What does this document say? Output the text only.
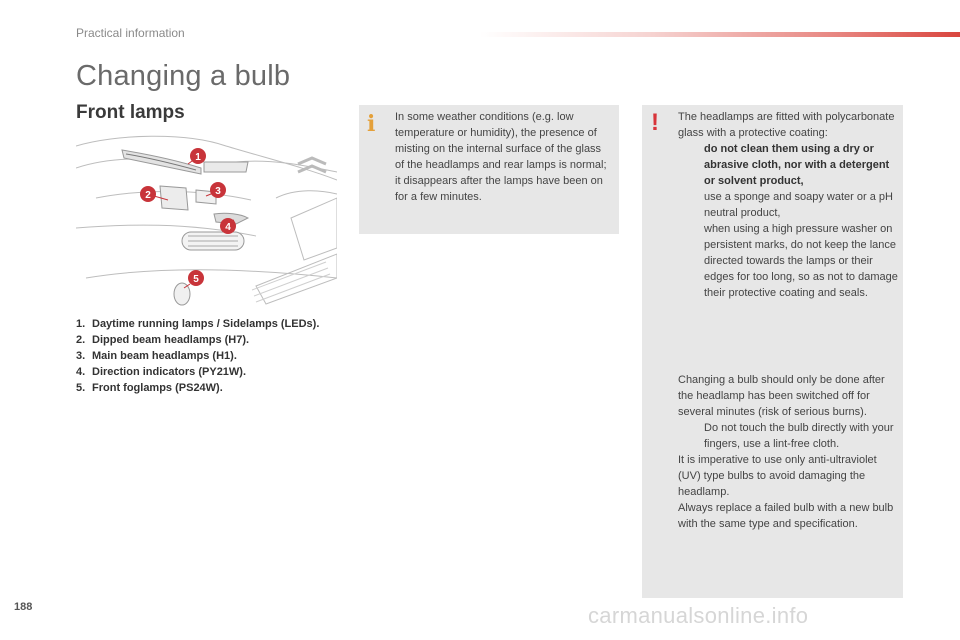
Practical information
Changing a bulb
Front lamps
1
2	3
4
5
1. Daytime running lamps / Sidelamps (LEDs).
2. Dipped beam headlamps (H7).
3. Main beam headlamps (H1).
4. Direction indicators (PY21W).
5. Front foglamps (PS24W).
i In some weather conditions (e.g. low temperature or humidity), the presence of misting on the internal surface of the glass of the headlamps and rear lamps is normal; it disappears after the lamps have been on for a few minutes.
! The headlamps are fitted with polycarbonate glass with a protective coating:
do not clean them using a dry or abrasive cloth, nor with a detergent or solvent product,
use a sponge and soapy water or a pH neutral product,
when using a high pressure washer on persistent marks, do not keep the lance directed towards the lamps or their edges for too long, so as not to damage their protective coating and seals.
Changing a bulb should only be done after the headlamp has been switched off for several minutes (risk of serious burns).
Do not touch the bulb directly with your fingers, use a lint-free cloth.
It is imperative to use only anti-ultraviolet (UV) type bulbs to avoid damaging the headlamp.
Always replace a failed bulb with a new bulb with the same type and specification.
188	carmanualsonline.info
